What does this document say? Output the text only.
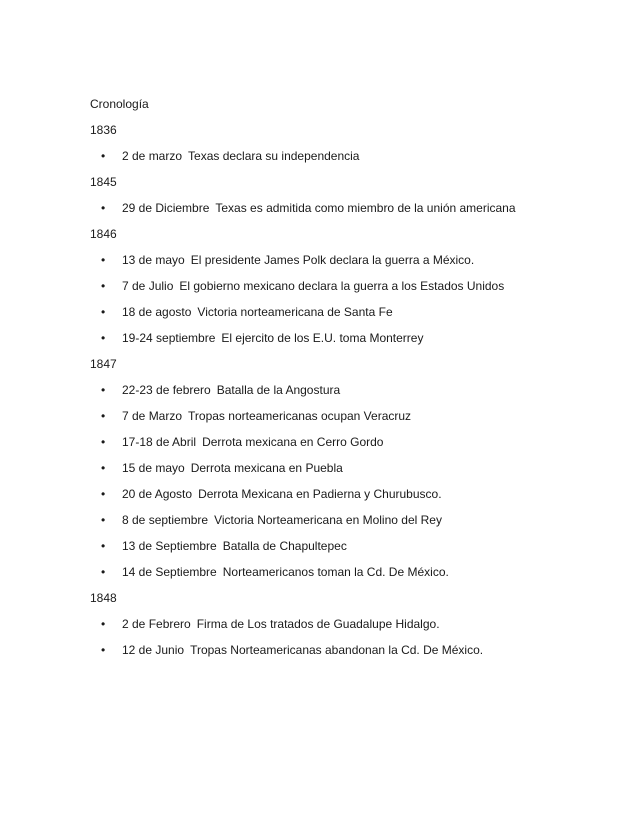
Cronología
1836
• 2 de marzo Texas declara su independencia
1845
• 29 de Diciembre Texas es admitida como miembro de la unión americana
1846
• 13 de mayo El presidente James Polk declara la guerra a México.
• 7 de Julio El gobierno mexicano declara la guerra a los Estados Unidos
• 18 de agosto Victoria norteamericana de Santa Fe
• 19-24 septiembre El ejercito de los E.U. toma Monterrey
1847
• 22-23 de febrero Batalla de la Angostura
• 7 de Marzo Tropas norteamericanas ocupan Veracruz
• 17-18 de Abril Derrota mexicana en Cerro Gordo
• 15 de mayo Derrota mexicana en Puebla
• 20 de Agosto Derrota Mexicana en Padierna y Churubusco.
• 8 de septiembre Victoria Norteamericana en Molino del Rey
• 13 de Septiembre Batalla de Chapultepec
• 14 de Septiembre Norteamericanos toman la Cd. De México.
1848
• 2 de Febrero Firma de Los tratados de Guadalupe Hidalgo.
• 12 de Junio Tropas Norteamericanas abandonan la Cd. De México.
